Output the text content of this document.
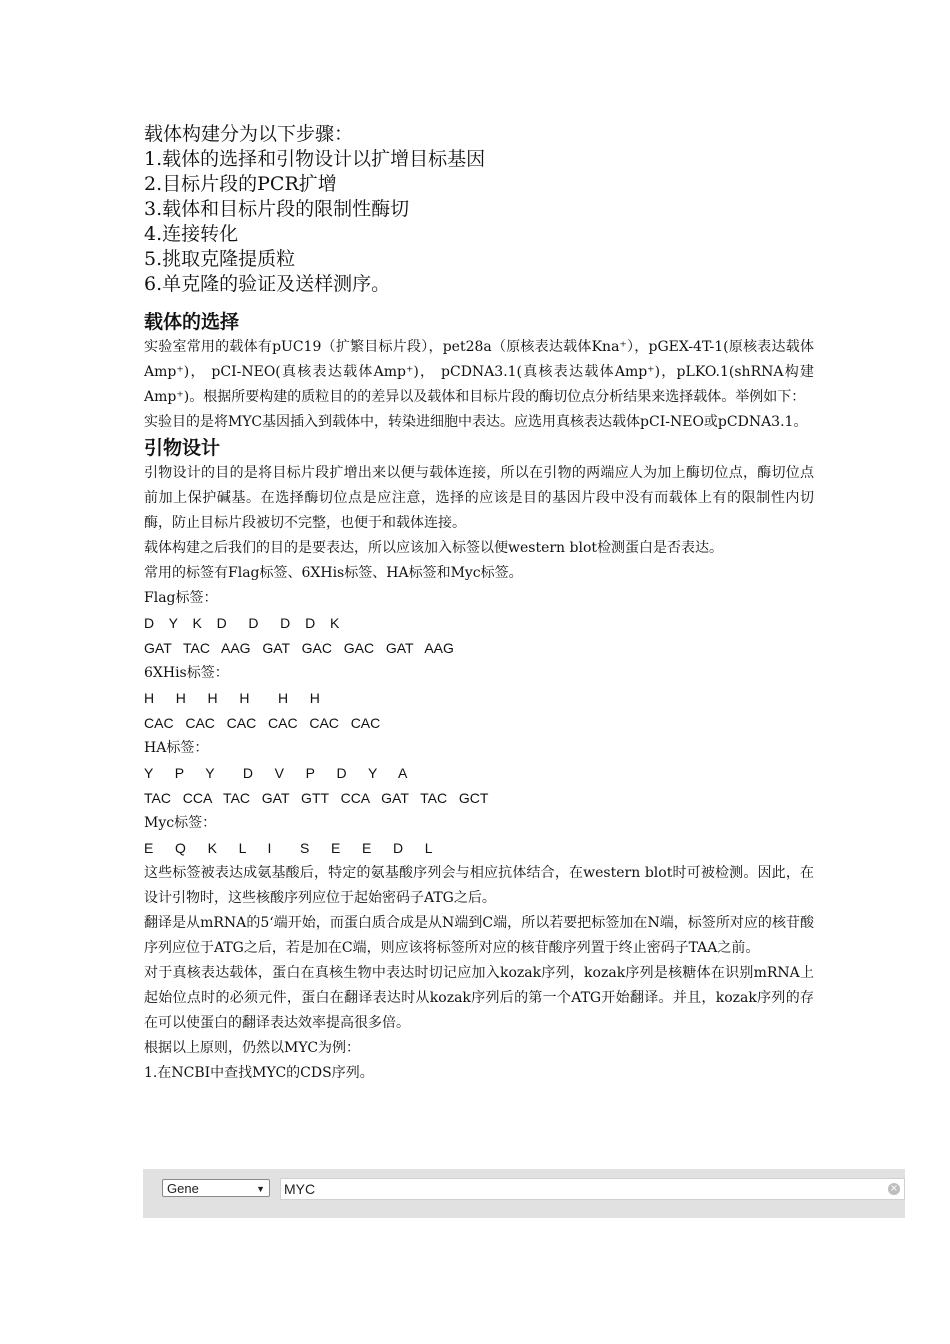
载体构建分为以下步骤：

1.载体的选择和引物设计以扩增目标基因

2.目标片段的PCR扩增

3.载体和目标片段的限制性酶切

4.连接转化

5.挑取克隆提质粒

6.单克隆的验证及送样测序。

载体的选择

实验室常用的载体有pUC19（扩繁目标片段），pet28a（原核表达载体Kna⁺），pGEX-4T-1(原核表达载体Amp⁺)， pCI-NEO(真核表达载体Amp⁺)， pCDNA3.1(真核表达载体Amp⁺)，pLKO.1(shRNA构建Amp⁺)。根据所要构建的质粒目的的差异以及载体和目标片段的酶切位点分析结果来选择载体。举例如下：

实验目的是将MYC基因插入到载体中，转染进细胞中表达。应选用真核表达载体pCI-NEO或pCDNA3.1。

引物设计

引物设计的目的是将目标片段扩增出来以便与载体连接，所以在引物的两端应人为加上酶切位点，酶切位点前加上保护碱基。在选择酶切位点是应注意，选择的应该是目的基因片段中没有而载体上有的限制性内切酶，防止目标片段被切不完整，也便于和载体连接。

载体构建之后我们的目的是要表达，所以应该加入标签以便western blot检测蛋白是否表达。

常用的标签有Flag标签、6XHis标签、HA标签和Myc标签。

Flag标签：

D  Y  K  D   D   D  D  K

GAT  TAC  AAG  GAT  GAC  GAC  GAT  AAG

6XHis标签：

H   H   H   H    H   H

CAC  CAC  CAC  CAC  CAC  CAC

HA标签：

Y   P   Y    D   V   P   D   Y   A

TAC  CCA  TAC  GAT  GTT  CCA  GAT  TAC  GCT

Myc标签：

E   Q   K   L   I    S   E   E   D   L

这些标签被表达成氨基酸后，特定的氨基酸序列会与相应抗体结合，在western blot时可被检测。因此，在设计引物时，这些核酸序列应位于起始密码子ATG之后。

翻译是从mRNA的5‘端开始，而蛋白质合成是从N端到C端，所以若要把标签加在N端，标签所对应的核苷酸序列应位于ATG之后，若是加在C端，则应该将标签所对应的核苷酸序列置于终止密码子TAA之前。

对于真核表达载体，蛋白在真核生物中表达时切记应加入kozak序列，kozak序列是核糖体在识别mRNA上起始位点时的必须元件，蛋白在翻译表达时从kozak序列后的第一个ATG开始翻译。并且，kozak序列的存在可以使蛋白的翻译表达效率提高很多倍。

根据以上原则，仍然以MYC为例：

1.在NCBI中查找MYC的CDS序列。

Gene	▼ MYC	×
